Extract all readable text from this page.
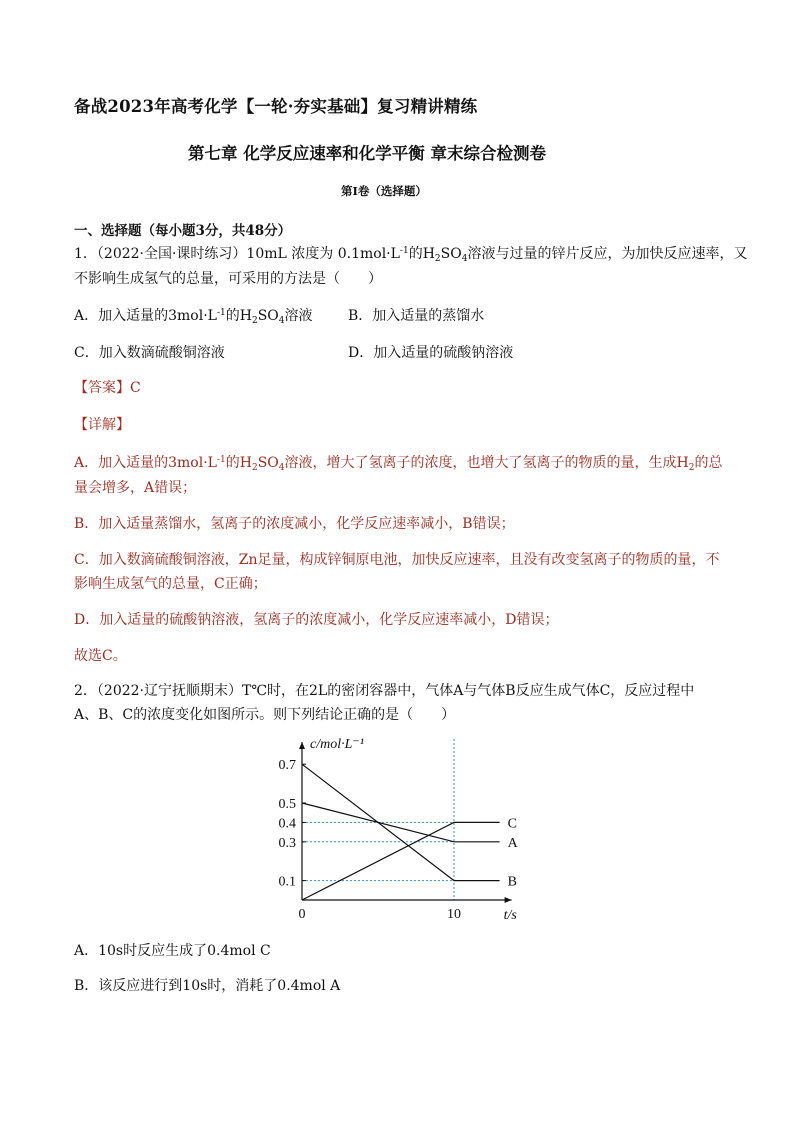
备战2023年高考化学【一轮·夯实基础】复习精讲精练
第七章 化学反应速率和化学平衡 章末综合检测卷
第I卷（选择题）
一、选择题（每小题3分，共48分）
1．（2022·全国·课时练习）10mL 浓度为 $0.1mol\cdot L^{-1}$的$H_2SO_4$溶液与过量的锌片反应，为加快反应速率，又
不影响生成氢气的总量，可采用的方法是（　　）
A．加入适量的$3mol\cdot L^{-1}$的$H_2SO_4$溶液	B．加入适量的蒸馏水
C．加入数滴硫酸铜溶液	D．加入适量的硫酸钠溶液
【答案】C
【详解】
A．加入适量的$3mol\cdot L^{-1}$的$H_2SO_4$溶液，增大了氢离子的浓度，也增大了氢离子的物质的量，生成$H_2$的总
量会增多，A错误；
B．加入适量蒸馏水，氢离子的浓度减小，化学反应速率减小，B错误；
C．加入数滴硫酸铜溶液，Zn足量，构成锌铜原电池，加快反应速率，且没有改变氢离子的物质的量，不
影响生成氢气的总量，C正确；
D．加入适量的硫酸钠溶液，氢离子的浓度减小，化学反应速率减小，D错误；
故选C。
2．（2022·辽宁抚顺期末）T℃时，在2L的密闭容器中，气体A与气体B反应生成气体C，反应过程中
A、B、C的浓度变化如图所示。则下列结论正确的是（　　）
0.7
0.5
0.4
0.3
0.1
0	10
c/mol·L⁻¹
t/s
A
B
C
A．10s时反应生成了0.4mol C
B．该反应进行到10s时，消耗了0.4mol A
